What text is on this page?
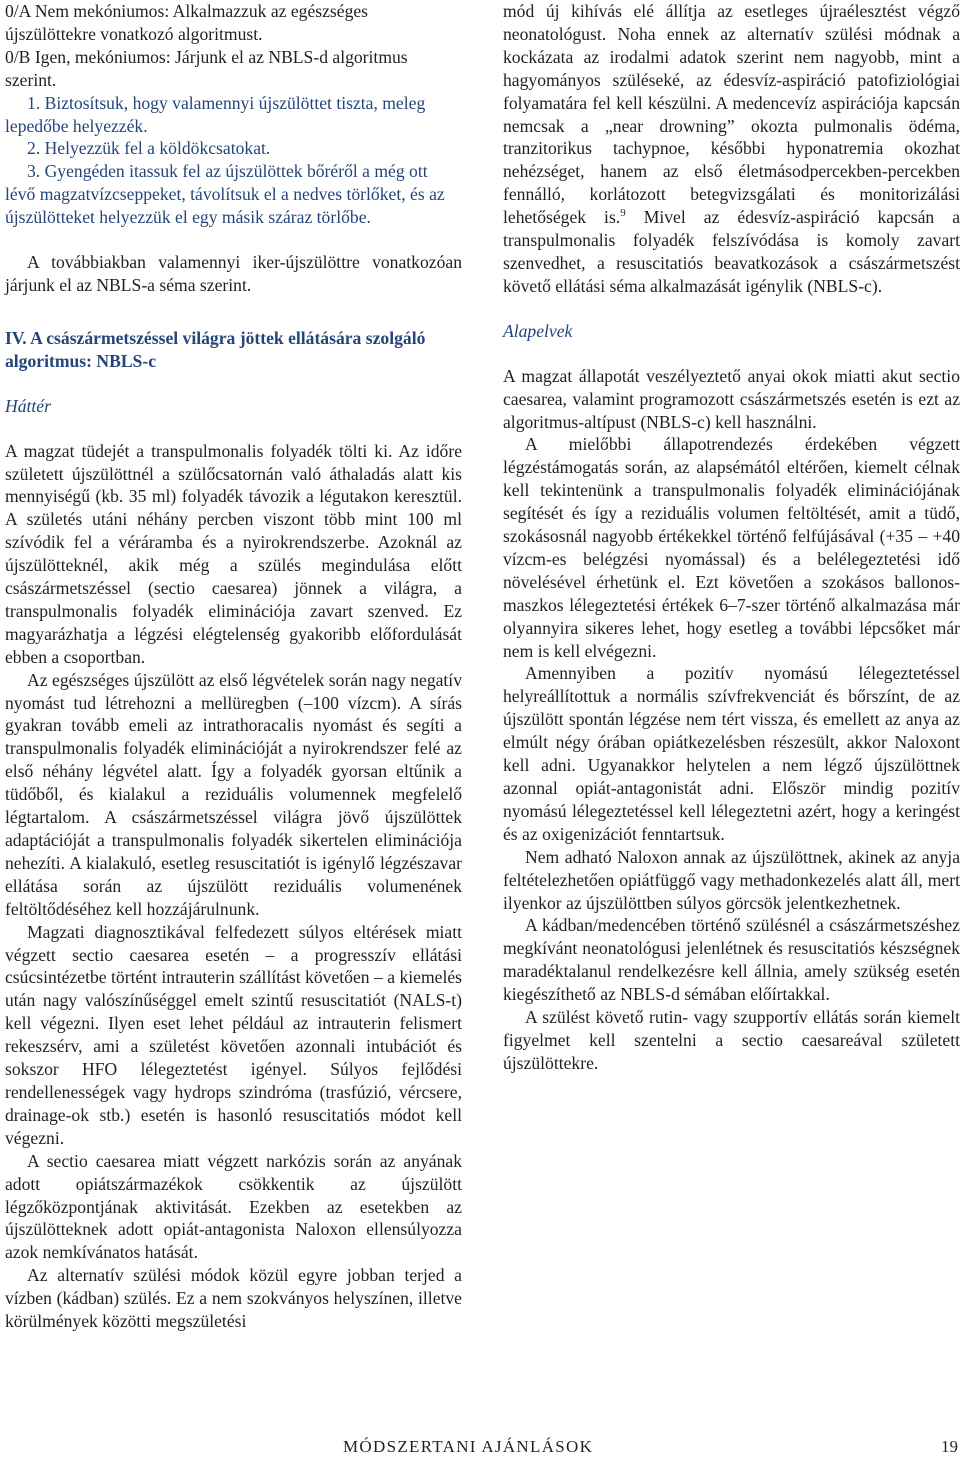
0/A Nem mekóniumos: Alkalmazzuk az egészséges újszülöttekre vonatkozó algoritmust.

0/B Igen, mekóniumos: Járjunk el az NBLS-d algoritmus szerint.

1. Biztosítsuk, hogy valamennyi újszülöttet tiszta, meleg lepedőbe helyezzék.

2. Helyezzük fel a köldökcsatokat.

3. Gyengéden itassuk fel az újszülöttek bőréről a még ott lévő magzatvízcseppeket, távolítsuk el a nedves törlőket, és az újszülötteket helyezzük el egy másik száraz törlőbe.

A továbbiakban valamennyi iker-újszülöttre vonatkozóan járjunk el az NBLS-a séma szerint.

IV. A császármetszéssel világra jöttek ellátására szolgáló algoritmus: NBLS-c

Háttér

A magzat tüdejét a transpulmonalis folyadék tölti ki. Az időre született újszülöttnél a szülőcsatornán való áthaladás alatt kis mennyiségű (kb. 35 ml) folyadék távozik a légutakon keresztül. A születés utáni néhány percben viszont több mint 100 ml szívódik fel a véráramba és a nyirokrendszerbe. Azoknál az újszülötteknél, akik még a szülés megindulása előtt császármetszéssel (sectio caesarea) jönnek a világra, a transpulmonalis folyadék eliminációja zavart szenved. Ez magyarázhatja a légzési elégtelenség gyakoribb előfordulását ebben a csoportban.

Az egészséges újszülött az első légvételek során nagy negatív nyomást tud létrehozni a mellüregben (–100 vízcm). A sírás gyakran tovább emeli az intrathoracalis nyomást és segíti a transpulmonalis folyadék eliminációját a nyirokrendszer felé az első néhány légvétel alatt. Így a folyadék gyorsan eltűnik a tüdőből, és kialakul a reziduális volumennek megfelelő légtartalom. A császármetszéssel világra jövő újszülöttek adaptációját a transpulmonalis folyadék sikertelen eliminációja nehezíti. A kialakuló, esetleg resuscitatiót is igénylő légzészavar ellátása során az újszülött reziduális volumenének feltöltődéséhez kell hozzájárulnunk.

Magzati diagnosztikával felfedezett súlyos eltérések miatt végzett sectio caesarea esetén – a progresszív ellátási csúcsintézetbe történt intrauterin szállítást követően – a kiemelés után nagy valószínűséggel emelt szintű resuscitatiót (NALS-t) kell végezni. Ilyen eset lehet például az intrauterin felismert rekeszsérv, ami a születést követően azonnali intubációt és sokszor HFO lélegeztetést igényel. Súlyos fejlődési rendellenességek vagy hydrops szindróma (trasfúzió, vércsere, drainage-ok stb.) esetén is hasonló resuscitatiós módot kell végezni.

A sectio caesarea miatt végzett narkózis során az anyának adott opiátszármazékok csökkentik az újszülött légzőközpontjának aktivitását. Ezekben az esetekben az újszülötteknek adott opiát-antagonista Naloxon ellensúlyozza azok nemkívánatos hatását.

Az alternatív szülési módok közül egyre jobban terjed a vízben (kádban) szülés. Ez a nem szokványos helyszínen, illetve körülmények közötti megszületési

mód új kihívás elé állítja az esetleges újraélesztést végző neonatológust. Noha ennek az alternatív szülési módnak a kockázata az irodalmi adatok szerint nem nagyobb, mint a hagyományos szüléseké, az édesvíz-aspiráció patofiziológiai folyamatára fel kell készülni. A medencevíz aspirációja kapcsán nemcsak a „near drowning” okozta pulmonalis ödéma, tranzitorikus tachypnoe, későbbi hyponatremia okozhat nehézséget, hanem az első életmásodpercekben-percekben fennálló, korlátozott betegvizsgálati és monitorizálási lehetőségek is.$^9$ Mivel az édesvíz-aspiráció kapcsán a transpulmonalis folyadék felszívódása is komoly zavart szenvedhet, a resuscitatiós beavatkozások a császármetszést követő ellátási séma alkalmazását igénylik (NBLS-c).

Alapelvek

A magzat állapotát veszélyeztető anyai okok miatti akut sectio caesarea, valamint programozott császármetszés esetén is ezt az algoritmus-altípust (NBLS-c) kell használni.

A mielőbbi állapotrendezés érdekében végzett légzéstámogatás során, az alapsémától eltérően, kiemelt célnak kell tekintenünk a transpulmonalis folyadék eliminációjának segítését és így a reziduális volumen feltöltését, amit a tüdő, szokásosnál nagyobb értékekkel történő felfújásával (+35 – +40 vízcm-es belégzési nyomással) és a belélegeztetési idő növelésével érhetünk el. Ezt követően a szokásos ballonos-maszkos lélegeztetési értékek 6–7-szer történő alkalmazása már olyannyira sikeres lehet, hogy esetleg a további lépcsőket már nem is kell elvégezni.

Amennyiben a pozitív nyomású lélegeztetéssel helyreállítottuk a normális szívfrekvenciát és bőrszínt, de az újszülött spontán légzése nem tért vissza, és emellett az anya az elmúlt négy órában opiátkezelésben részesült, akkor Naloxont kell adni. Ugyanakkor helytelen a nem légző újszülöttnek azonnal opiát-antagonistát adni. Először mindig pozitív nyomású lélegeztetéssel kell lélegeztetni azért, hogy a keringést és az oxigenizációt fenntartsuk.

Nem adható Naloxon annak az újszülöttnek, akinek az anyja feltételezhetően opiátfüggő vagy methadonkezelés alatt áll, mert ilyenkor az újszülöttben súlyos görcsök jelentkezhetnek.

A kádban/medencében történő szülésnél a császármetszéshez megkívánt neonatológusi jelenlétnek és resuscitatiós készségnek maradéktalanul rendelkezésre kell állnia, amely szükség esetén kiegészíthető az NBLS-d sémában előírtakkal.

A szülést követő rutin- vagy szupportív ellátás során kiemelt figyelmet kell szentelni a sectio caesareával született újszülöttekre.

MÓDSZERTANI AJÁNLÁSOK	19
